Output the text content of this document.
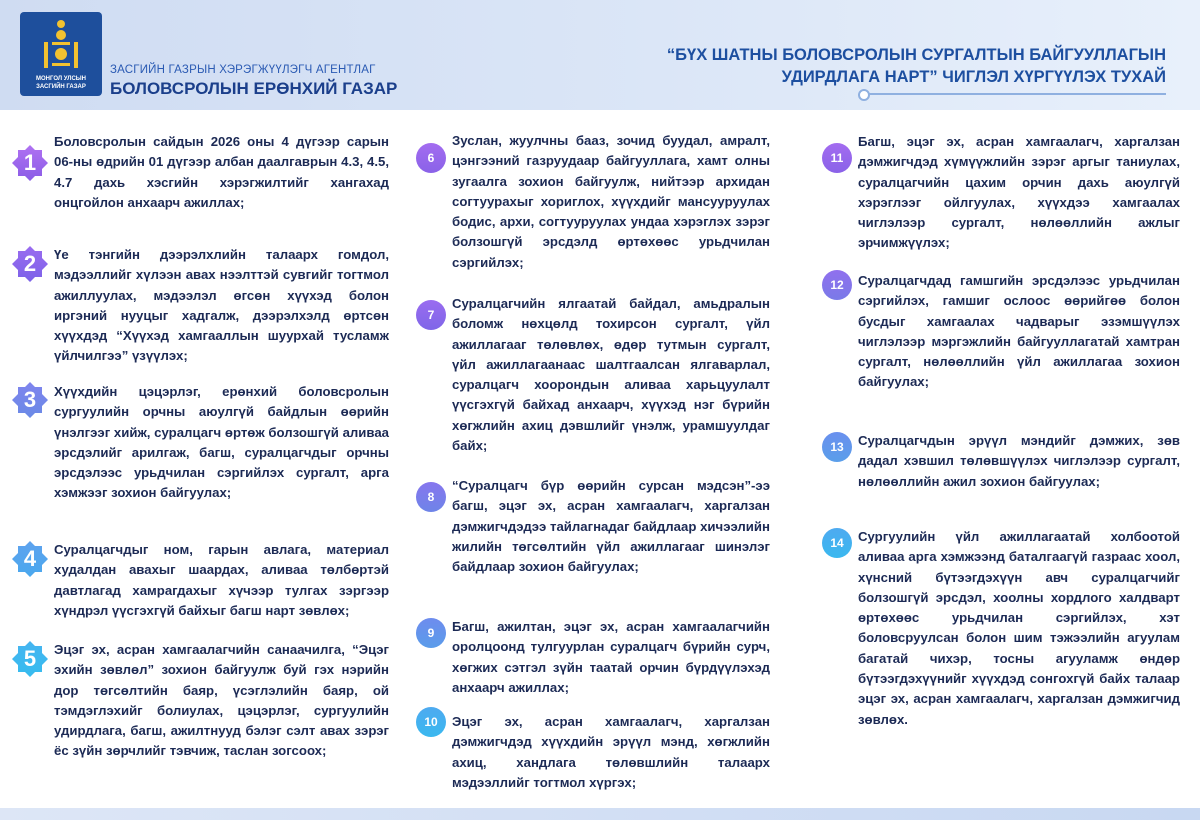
МОНГОЛ УЛСЫН
ЗАСГИЙН ГАЗАР
ЗАСГИЙН ГАЗРЫН ХЭРЭГЖҮҮЛЭГЧ АГЕНТЛАГ
БОЛОВСРОЛЫН ЕРӨНХИЙ ГАЗАР
“БҮХ ШАТНЫ БОЛОВСРОЛЫН СУРГАЛТЫН БАЙГУУЛЛАГЫН
УДИРДЛАГА НАРТ” ЧИГЛЭЛ ХҮРГҮҮЛЭХ ТУХАЙ
1
Боловсролын сайдын 2026 оны 4 дүгээр сарын 06-ны өдрийн 01 дүгээр албан даалгаврын 4.3, 4.5, 4.7 дахь хэсгийн хэрэгжилтийг хангахад онцгойлон анхаарч ажиллах;
2 Үе тэнгийн дээрэлхлийн талаарх гомдол, мэдээллийг хүлээн авах нээлттэй сувгийг тогтмол ажиллуулах, мэдээлэл өгсөн хүүхэд болон иргэний нууцыг хадгалж, дээрэлхэлд өртсөн хүүхдэд “Хүүхэд хамгааллын шуурхай тусламж үйлчилгээ” үзүүлэх;
3 Хүүхдийн цэцэрлэг, ерөнхий боловсролын сургуулийн орчны аюулгүй байдлын өөрийн үнэлгээг хийж, суралцагч өртөж болзошгүй аливаа эрсдэлийг арилгаж, багш, суралцагчдыг орчны эрсдэлээс урьдчилан сэргийлэх сургалт, арга хэмжээг зохион байгуулах;
4 Суралцагчдыг ном, гарын авлага, материал худалдан авахыг шаардах, аливаа төлбөртэй давтлагад хамрагдахыг хүчээр тулгах зэргээр хүндрэл үүсгэхгүй байхыг багш нарт зөвлөх;
5 Эцэг эх, асран хамгаалагчийн санаачилга, “Эцэг эхийн зөвлөл” зохион байгуулж буй гэх нэрийн дор төгсөлтийн баяр, үсэглэлийн баяр, ой тэмдэглэхийг болиулах, цэцэрлэг, сургуулийн удирдлага, багш, ажилтнууд бэлэг сэлт авах зэрэг ёс зүйн зөрчлийг тэвчиж, таслан зогсоох;
6
Зуслан, жуулчны бааз, зочид буудал, амралт, цэнгээний газруудаар байгууллага, хамт олны зугаалга зохион байгуулж, нийтээр архидан согтуурахыг хориглох, хүүхдийг мансууруулах бодис, архи, согтууруулах ундаа хэрэглэх зэрэг болзошгүй эрсдэлд өртөхөөс урьдчилан сэргийлэх;
7
Суралцагчийн ялгаатай байдал, амьдралын боломж нөхцөлд тохирсон сургалт, үйл ажиллагааг төлөвлөх, өдөр тутмын сургалт, үйл ажиллагаанаас шалтгаалсан ялгаварлал, суралцагч хоорондын аливаа харьцуулалт үүсгэхгүй байхад анхаарч, хүүхэд нэг бүрийн хөгжлийн ахиц дэвшлийг үнэлж, урамшуулдаг байх;
8
“Суралцагч бүр өөрийн сурсан мэдсэн”-ээ багш, эцэг эх, асран хамгаалагч, харгалзан дэмжигчдэдээ тайлагнадаг байдлаар хичээлийн жилийн төгсөлтийн үйл ажиллагааг шинэлэг байдлаар зохион байгуулах;
9	Багш, ажилтан, эцэг эх, асран хамгаалагчийн оролцоонд тулгуурлан суралцагч бүрийн сурч, хөгжих сэтгэл зүйн таатай орчин бүрдүүлэхэд анхаарч ажиллах;
10	Эцэг эх, асран хамгаалагч, харгалзан дэмжигчдэд хүүхдийн эрүүл мэнд, хөгжлийн ахиц, хандлага төлөвшлийн талаарх мэдээллийг тогтмол хүргэх;
11
Багш, эцэг эх, асран хамгаалагч, харгалзан дэмжигчдэд хүмүүжлийн зэрэг аргыг таниулах, суралцагчийн цахим орчин дахь аюулгүй хэрэглээг ойлгуулах, хүүхдээ хамгаалах чиглэлээр сургалт, нөлөөллийн ажлыг эрчимжүүлэх;
12	Суралцагчдад гамшгийн эрсдэлээс урьдчилан сэргийлэх, гамшиг ослоос өөрийгөө болон бусдыг хамгаалах чадварыг эзэмшүүлэх чиглэлээр мэргэжлийн байгууллагатай хамтран сургалт, нөлөөллийн үйл ажиллагаа зохион байгуулах;
13	Суралцагчдын эрүүл мэндийг дэмжих, зөв дадал хэвшил төлөвшүүлэх чиглэлээр сургалт, нөлөөллийн ажил зохион байгуулах;
14	Сургуулийн үйл ажиллагаатай холбоотой аливаа арга хэмжээнд баталгаагүй газраас хоол, хүнсний бүтээгдэхүүн авч суралцагчийг болзошгүй эрсдэл, хоолны хордлого халдварт өртөхөөс урьдчилан сэргийлэх, хэт боловсруулсан болон шим тэжээлийн агуулам багатай чихэр, тосны агууламж өндөр бүтээгдэхүүнийг хүүхдэд сонгохгүй байх талаар эцэг эх, асран хамгаалагч, харгалзан дэмжигчид зөвлөх.
